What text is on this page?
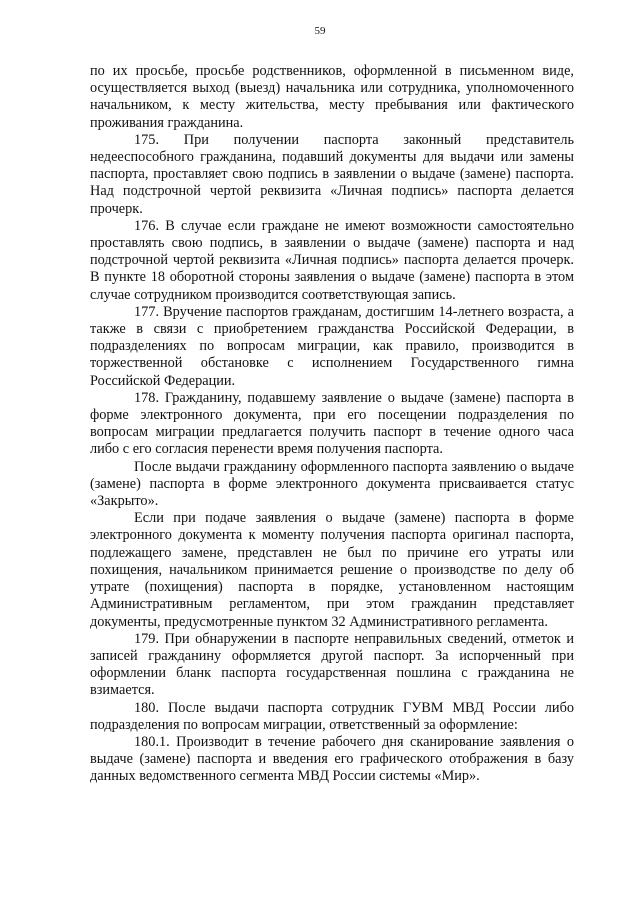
59

по их просьбе, просьбе родственников, оформленной в письменном виде, осуществляется выход (выезд) начальника или сотрудника, уполномоченного начальником, к месту жительства, месту пребывания или фактического проживания гражданина.

175. При получении паспорта законный представитель недееспособного гражданина, подавший документы для выдачи или замены паспорта, проставляет свою подпись в заявлении о выдаче (замене) паспорта. Над подстрочной чертой реквизита «Личная подпись» паспорта делается прочерк.

176. В случае если граждане не имеют возможности самостоятельно проставлять свою подпись, в заявлении о выдаче (замене) паспорта и над подстрочной чертой реквизита «Личная подпись» паспорта делается прочерк. В пункте 18 оборотной стороны заявления о выдаче (замене) паспорта в этом случае сотрудником производится соответствующая запись.

177. Вручение паспортов гражданам, достигшим 14-летнего возраста, а также в связи с приобретением гражданства Российской Федерации, в подразделениях по вопросам миграции, как правило, производится в торжественной обстановке с исполнением Государственного гимна Российской Федерации.

178. Гражданину, подавшему заявление о выдаче (замене) паспорта в форме электронного документа, при его посещении подразделения по вопросам миграции предлагается получить паспорт в течение одного часа либо с его согласия перенести время получения паспорта.

После выдачи гражданину оформленного паспорта заявлению о выдаче (замене) паспорта в форме электронного документа присваивается статус «Закрыто».

Если при подаче заявления о выдаче (замене) паспорта в форме электронного документа к моменту получения паспорта оригинал паспорта, подлежащего замене, представлен не был по причине его утраты или похищения, начальником принимается решение о производстве по делу об утрате (похищения) паспорта в порядке, установленном настоящим Административным регламентом, при этом гражданин представляет документы, предусмотренные пунктом 32 Административного регламента.

179. При обнаружении в паспорте неправильных сведений, отметок и записей гражданину оформляется другой паспорт. За испорченный при оформлении бланк паспорта государственная пошлина с гражданина не взимается.

180. После выдачи паспорта сотрудник ГУВМ МВД России либо подразделения по вопросам миграции, ответственный за оформление:

180.1. Производит в течение рабочего дня сканирование заявления о выдаче (замене) паспорта и введения его графического отображения в базу данных ведомственного сегмента МВД России системы «Мир».
